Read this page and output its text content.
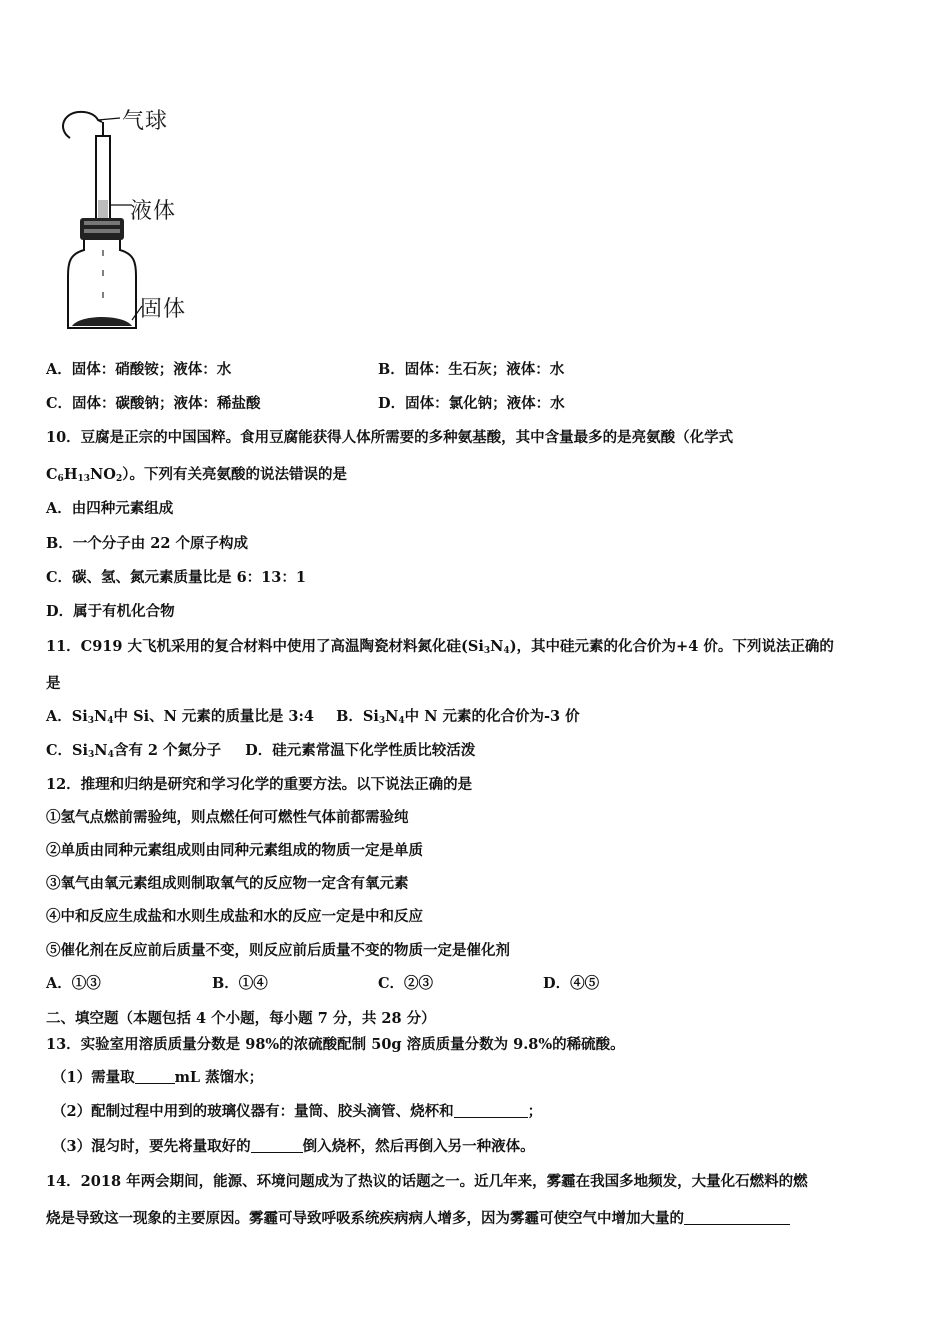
气球
液体
固体
A．固体：硝酸铵；液体：水	B．固体：生石灰；液体：水
C．固体：碳酸钠；液体：稀盐酸	D．固体：氯化钠；液体：水
10．豆腐是正宗的中国国粹。食用豆腐能获得人体所需要的多种氨基酸，其中含量最多的是亮氨酸（化学式
$C_6H_{13}NO_2$）。下列有关亮氨酸的说法错误的是
A．由四种元素组成
B．一个分子由 22 个原子构成
C．碳、氢、氮元素质量比是 6：13：1
D．属于有机化合物
11．C919 大飞机采用的复合材料中使用了高温陶瓷材料氮化硅$(Si_3N_4)$，其中硅元素的化合价为+4 价。下列说法正确的
是
A．$Si_3N_4$中 Si、N 元素的质量比是 3:4 B．$Si_3N_4$中 N 元素的化合价为-3 价
C．$Si_3N_4$含有 2 个氮分子 D．硅元素常温下化学性质比较活泼
12．推理和归纳是研究和学习化学的重要方法。以下说法正确的是
①氢气点燃前需验纯，则点燃任何可燃性气体前都需验纯
②单质由同种元素组成则由同种元素组成的物质一定是单质
③氧气由氧元素组成则制取氧气的反应物一定含有氧元素
④中和反应生成盐和水则生成盐和水的反应一定是中和反应
⑤催化剂在反应前后质量不变，则反应前后质量不变的物质一定是催化剂
A．①③	B．①④	C．②③	D．④⑤
二、填空题（本题包括 4 个小题，每小题 7 分，共 28 分）
13．实验室用溶质质量分数是 98%的浓硫酸配制 50g 溶质质量分数为 9.8%的稀硫酸。
（1）需量取	mL 蒸馏水；
（2）配制过程中用到的玻璃仪器有：量筒、胶头滴管、烧杯和	；
（3）混匀时，要先将量取好的	倒入烧杯，然后再倒入另一种液体。
14．2018 年两会期间，能源、环境问题成为了热议的话题之一。近几年来，雾霾在我国多地频发，大量化石燃料的燃
烧是导致这一现象的主要原因。雾霾可导致呼吸系统疾病病人增多，因为雾霾可使空气中增加大量的
